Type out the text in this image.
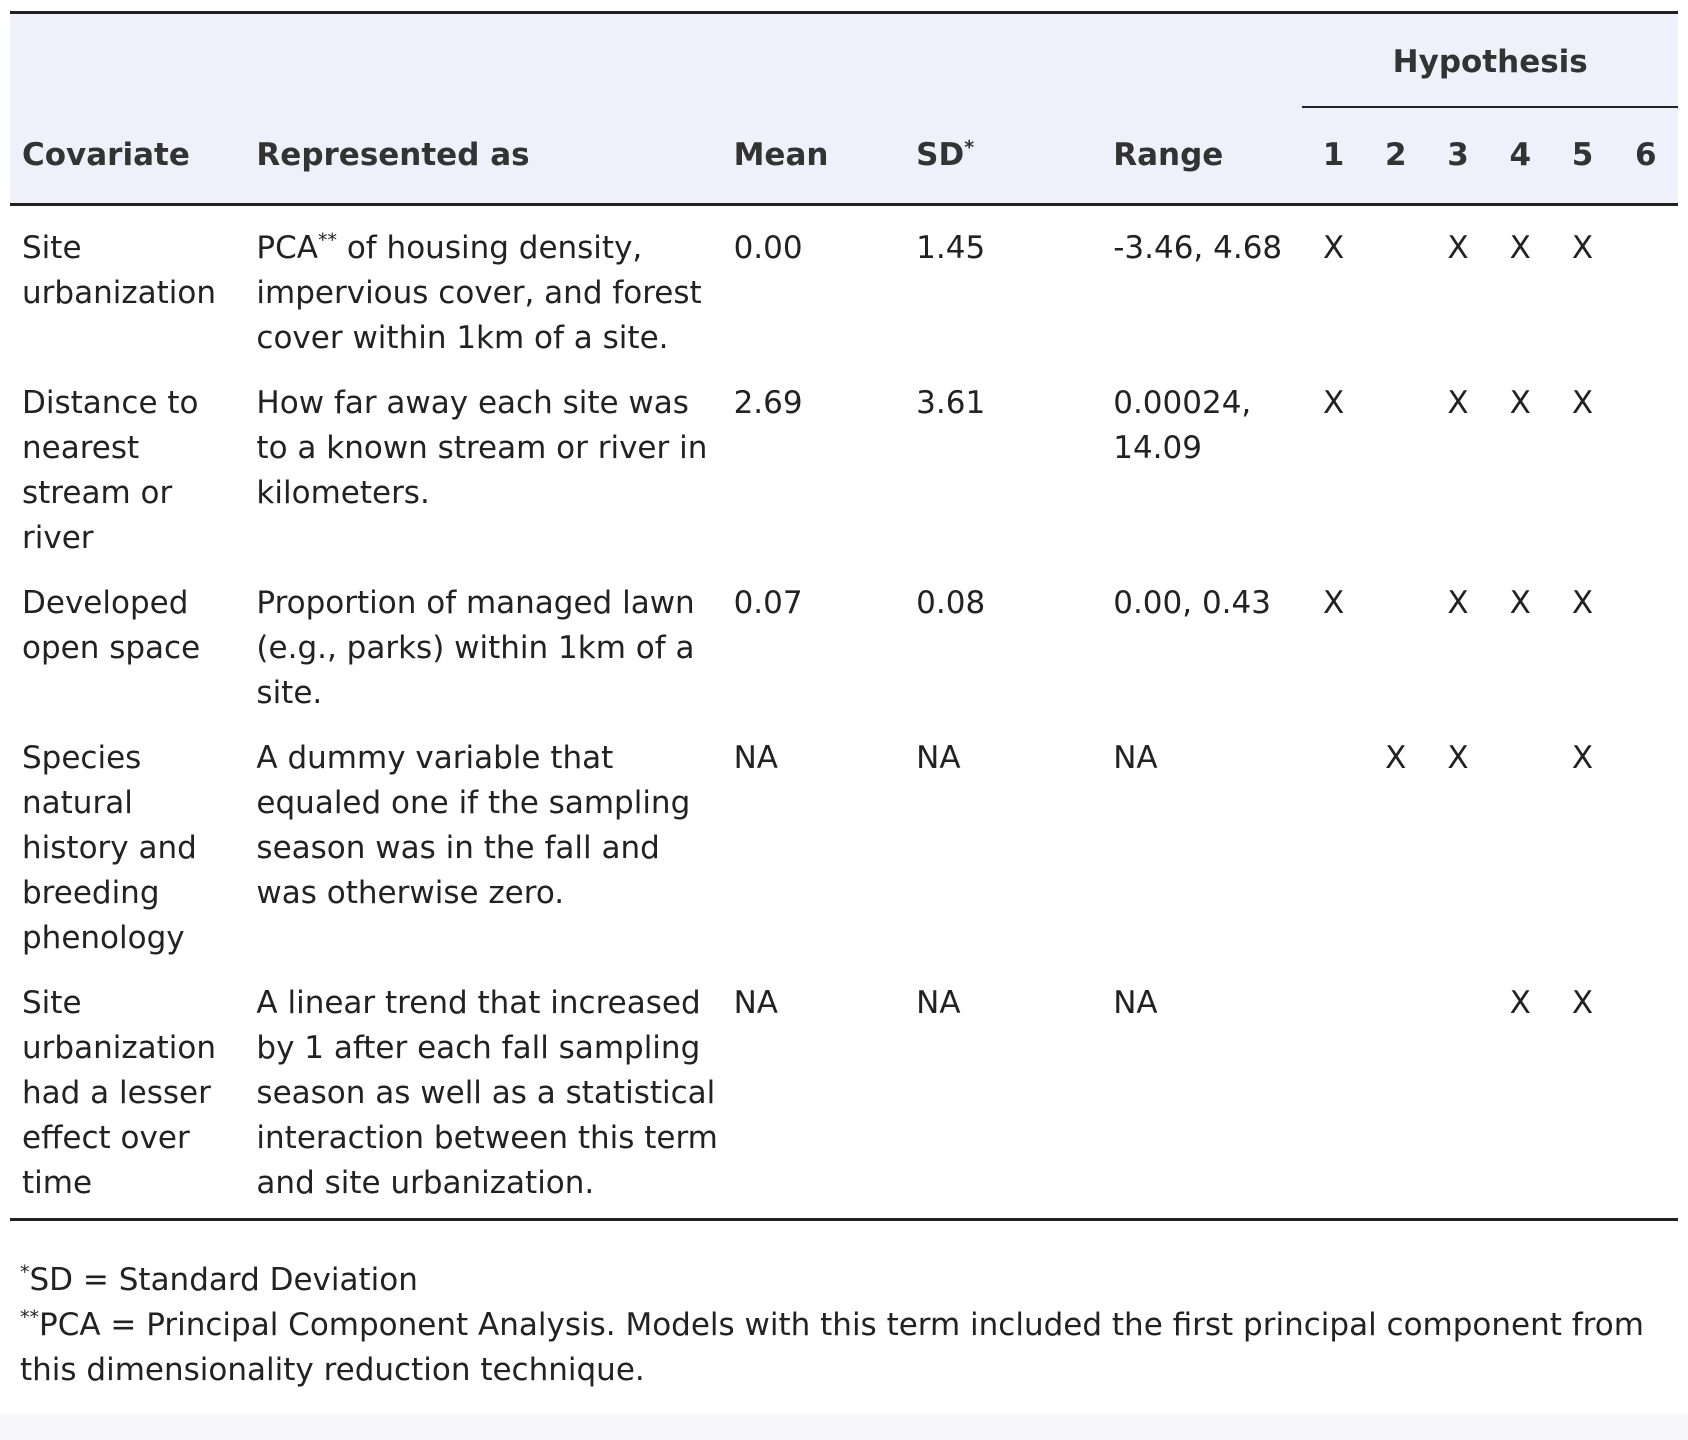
					Hypothesis					
Covariate	Represented as	Mean	SD*	Range	1	2	3	4	5	6
Site urbanization	PCA** of housing density, impervious cover, and forest cover within 1km of a site.	0.00	1.45	-3.46, 4.68	X		X	X	X	
Distance to nearest stream or river	How far away each site was to a known stream or river in kilometers.	2.69	3.61	0.00024, 14.09	X		X	X	X	
Developed open space	Proportion of managed lawn (e.g., parks) within 1km of a site.	0.07	0.08	0.00, 0.43	X		X	X	X	
Species natural history and breeding phenology	A dummy variable that equaled one if the sampling season was in the fall and was otherwise zero.	NA	NA	NA		X	X		X	
Site urbanization had a lesser effect over time	A linear trend that increased by 1 after each fall sampling season as well as a statistical interaction between this term and site urbanization.	NA	NA	NA				X	X	
*SD = Standard Deviation
**PCA = Principal Component Analysis. Models with this term included the first principal component from this dimensionality reduction technique.
